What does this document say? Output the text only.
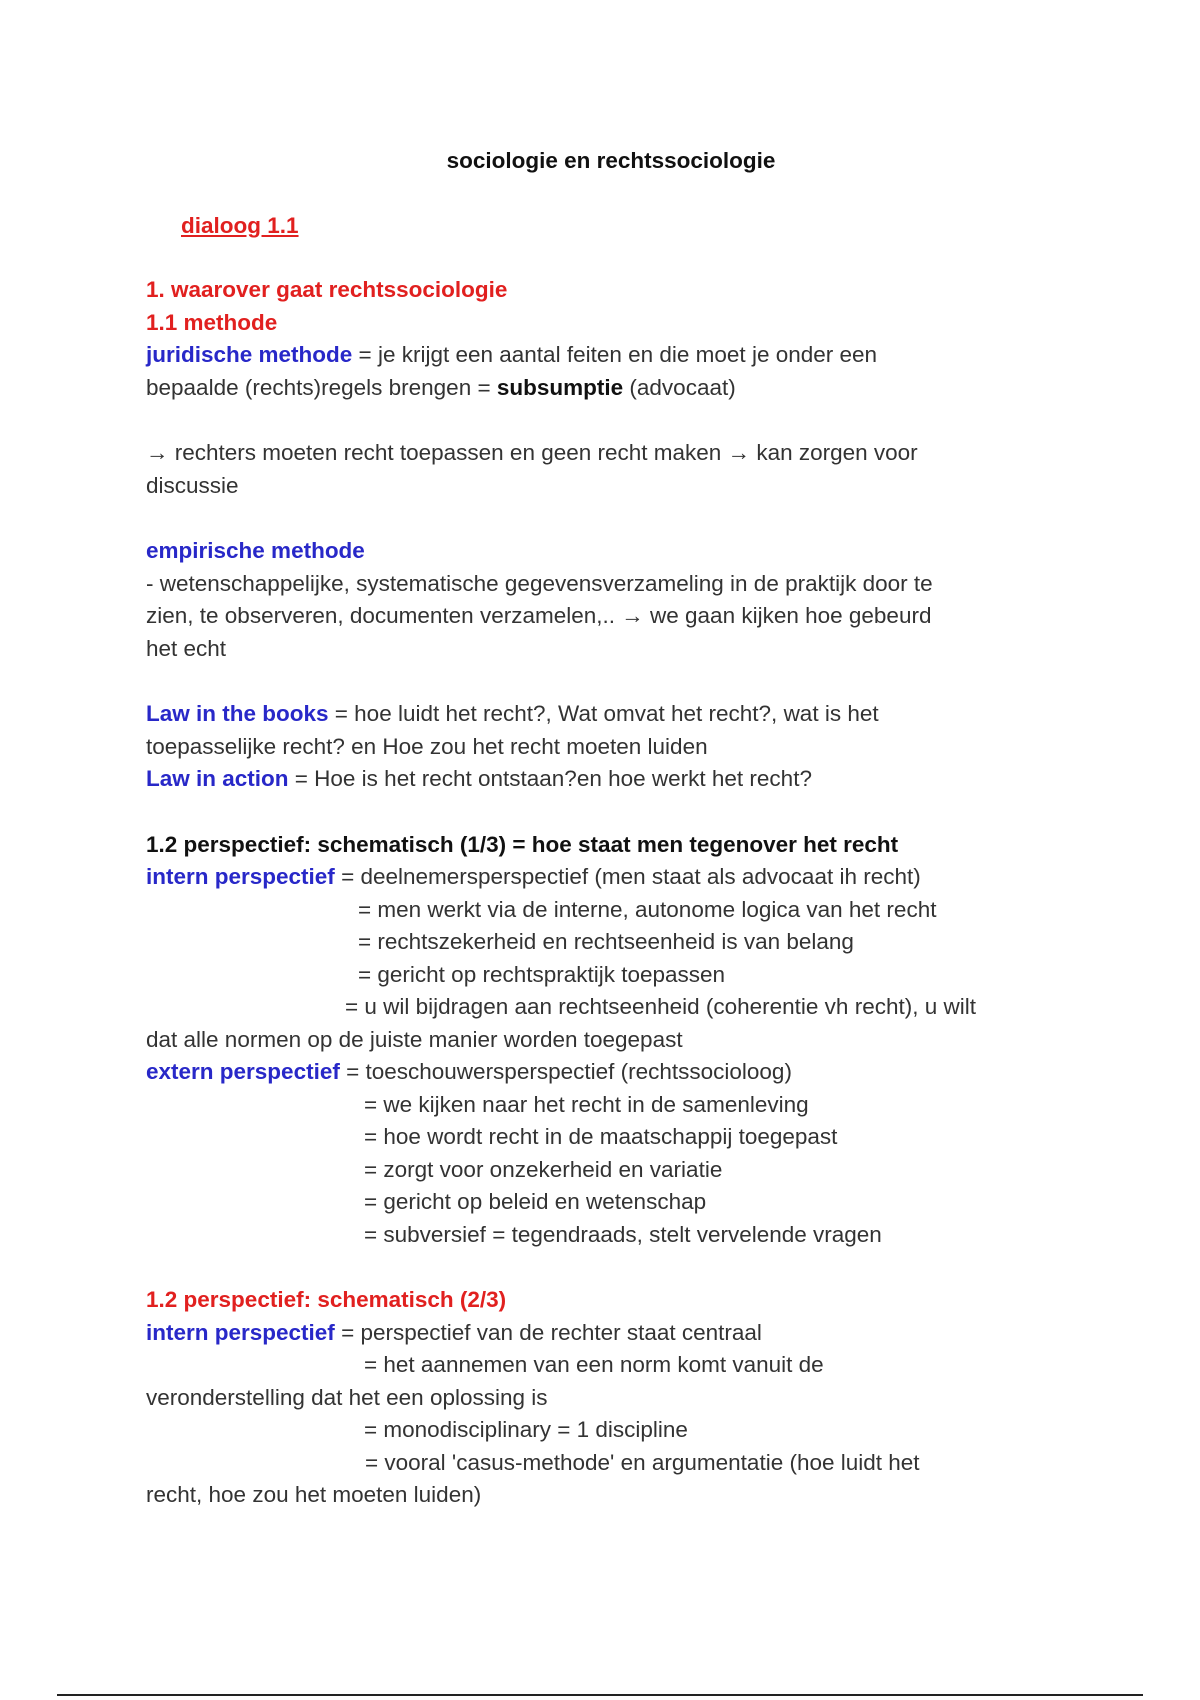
sociologie en rechtssociologie
dialoog 1.1
1. waarover gaat rechtssociologie
1.1 methode
juridische methode = je krijgt een aantal feiten en die moet je onder een
bepaalde (rechts)regels brengen = subsumptie (advocaat)
→ rechters moeten recht toepassen en geen recht maken → kan zorgen voor
discussie
empirische methode
- wetenschappelijke, systematische gegevensverzameling in de praktijk door te
zien, te observeren, documenten verzamelen,.. → we gaan kijken hoe gebeurd
het echt
Law in the books = hoe luidt het recht?, Wat omvat het recht?, wat is het
toepasselijke recht? en Hoe zou het recht moeten luiden
Law in action = Hoe is het recht ontstaan?en hoe werkt het recht?
1.2 perspectief: schematisch (1/3) = hoe staat men tegenover het recht
intern perspectief = deelnemersperspectief (men staat als advocaat ih recht)
= men werkt via de interne, autonome logica van het recht
= rechtszekerheid en rechtseenheid is van belang
= gericht op rechtspraktijk toepassen
= u wil bijdragen aan rechtseenheid (coherentie vh recht), u wilt
dat alle normen op de juiste manier worden toegepast
extern perspectief = toeschouwersperspectief (rechtssocioloog)
= we kijken naar het recht in de samenleving
= hoe wordt recht in de maatschappij toegepast
= zorgt voor onzekerheid en variatie
= gericht op beleid en wetenschap
= subversief = tegendraads, stelt vervelende vragen
1.2 perspectief: schematisch (2/3)
intern perspectief = perspectief van de rechter staat centraal
= het aannemen van een norm komt vanuit de
veronderstelling dat het een oplossing is
= monodisciplinary = 1 discipline
= vooral 'casus-methode' en argumentatie (hoe luidt het
recht, hoe zou het moeten luiden)
